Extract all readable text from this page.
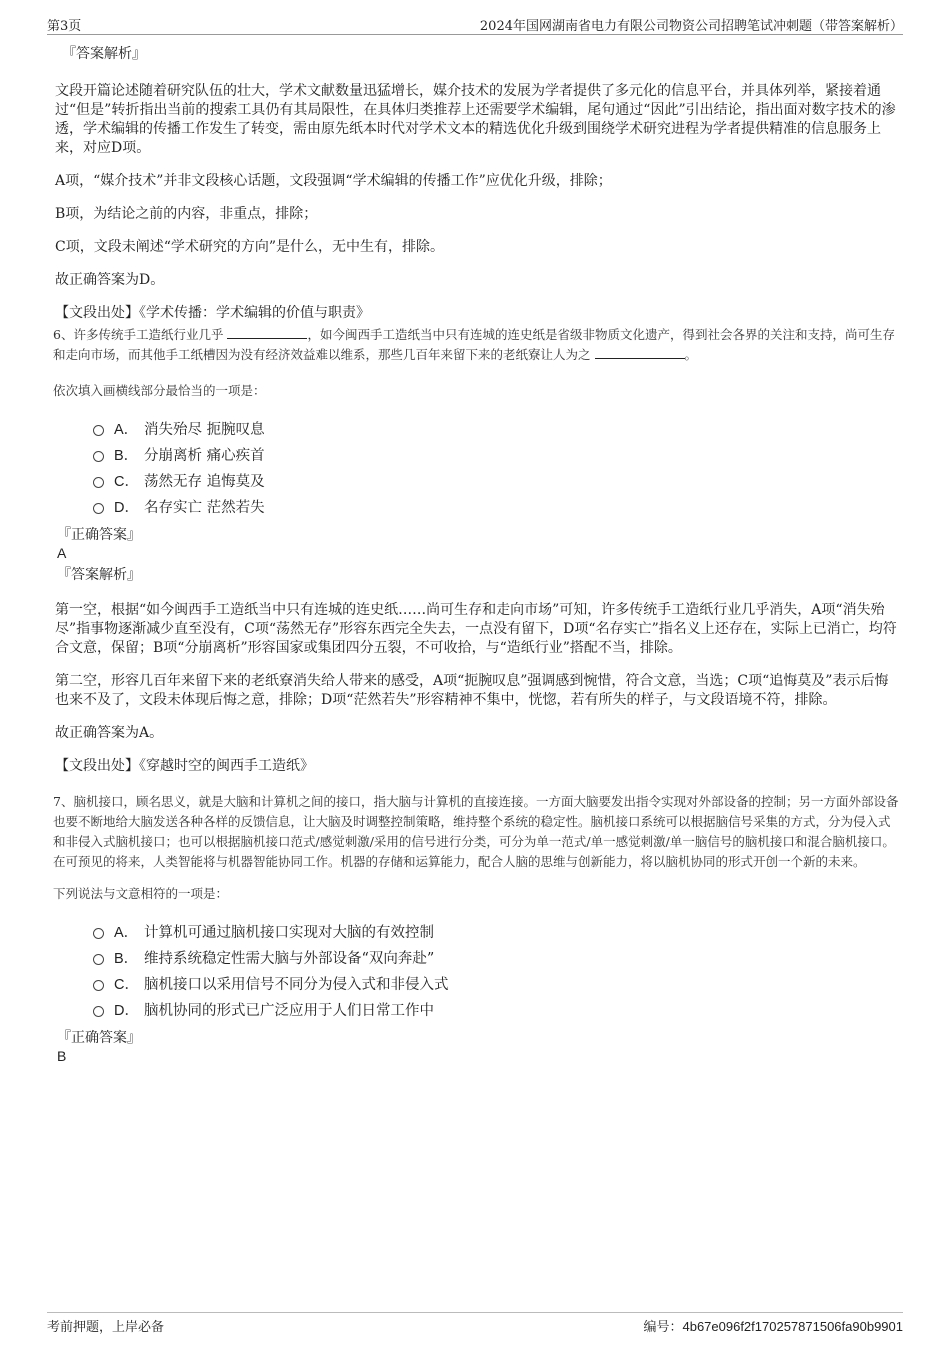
第3页	2024年国网湖南省电力有限公司物资公司招聘笔试冲刺题（带答案解析）
『答案解析』

文段开篇论述随着研究队伍的壮大，学术文献数量迅猛增长，媒介技术的发展为学者提供了多元化的信息平台，并具体列举，紧接着通过“但是”转折指出当前的搜索工具仍有其局限性，在具体归类推荐上还需要学术编辑，尾句通过“因此”引出结论，指出面对数字技术的渗透，学术编辑的传播工作发生了转变，需由原先纸本时代对学术文本的精选优化升级到围绕学术研究进程为学者提供精准的信息服务上来，对应D项。

A项，“媒介技术”并非文段核心话题，文段强调“学术编辑的传播工作”应优化升级，排除；

B项，为结论之前的内容，非重点，排除；

C项，文段未阐述“学术研究的方向”是什么，无中生有，排除。

故正确答案为D。

【文段出处】《学术传播：学术编辑的价值与职责》

6、许多传统手工造纸行业几乎	，如今闽西手工造纸当中只有连城的连史纸是省级非物质文化遗产，得到社会各界的关注和支持，尚可生存和走向市场，而其他手工纸槽因为没有经济效益难以维系，那些几百年来留下来的老纸寮让人为之	。

依次填入画横线部分最恰当的一项是：

A． 消失殆尽 扼腕叹息
B． 分崩离析 痛心疾首
C． 荡然无存 追悔莫及
D． 名存实亡 茫然若失
『正确答案』
A
『答案解析』

第一空，根据“如今闽西手工造纸当中只有连城的连史纸……尚可生存和走向市场”可知，许多传统手工造纸行业几乎消失，A项“消失殆尽”指事物逐渐减少直至没有，C项“荡然无存”形容东西完全失去，一点没有留下，D项“名存实亡”指名义上还存在，实际上已消亡，均符合文意，保留；B项“分崩离析”形容国家或集团四分五裂，不可收拾，与“造纸行业”搭配不当，排除。

第二空，形容几百年来留下来的老纸寮消失给人带来的感受，A项“扼腕叹息”强调感到惋惜，符合文意，当选；C项“追悔莫及”表示后悔也来不及了，文段未体现后悔之意，排除；D项“茫然若失”形容精神不集中，恍惚，若有所失的样子，与文段语境不符，排除。

故正确答案为A。

【文段出处】《穿越时空的闽西手工造纸》

7、脑机接口，顾名思义，就是大脑和计算机之间的接口，指大脑与计算机的直接连接。一方面大脑要发出指令实现对外部设备的控制；另一方面外部设备也要不断地给大脑发送各种各样的反馈信息，让大脑及时调整控制策略，维持整个系统的稳定性。脑机接口系统可以根据脑信号采集的方式，分为侵入式和非侵入式脑机接口；也可以根据脑机接口范式/感觉刺激/采用的信号进行分类，可分为单一范式/单一感觉刺激/单一脑信号的脑机接口和混合脑机接口。在可预见的将来，人类智能将与机器智能协同工作。机器的存储和运算能力，配合人脑的思维与创新能力，将以脑机协同的形式开创一个新的未来。

下列说法与文意相符的一项是：

A． 计算机可通过脑机接口实现对大脑的有效控制
B． 维持系统稳定性需大脑与外部设备“双向奔赴”
C． 脑机接口以采用信号不同分为侵入式和非侵入式
D． 脑机协同的形式已广泛应用于人们日常工作中
『正确答案』
B
考前押题，上岸必备	编号：4b67e096f2f170257871506fa90b9901
